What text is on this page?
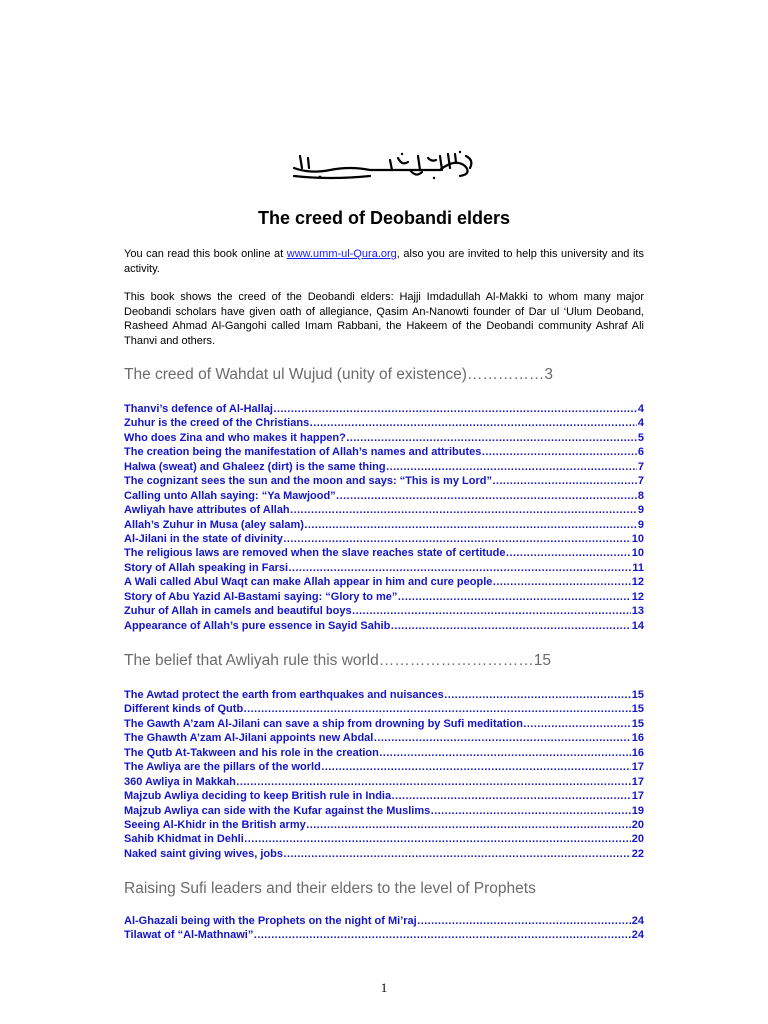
The creed of Deobandi elders
You can read this book online at www.umm-ul-Qura.org, also you are invited to help this university and its activity.
This book shows the creed of the Deobandi elders: Hajji Imdadullah Al-Makki to whom many major Deobandi scholars have given oath of allegiance, Qasim An-Nanowti founder of Dar ul ‘Ulum Deoband, Rasheed Ahmad Al-Gangohi called Imam Rabbani, the Hakeem of the Deobandi community Ashraf Ali Thanvi and others.
The creed of Wahdat ul Wujud (unity of existence)……………3
Thanvi’s defence of Al-Hallaj ………………………………………………………………………………………………………………………………………………………………………………	4
Zuhur is the creed of the Christians ………………………………………………………………………………………………………………………………………………………………………………	4
Who does Zina and who makes it happen? ………………………………………………………………………………………………………………………………………………………………………………	5
The creation being the manifestation of Allah’s names and attributes ………………………………………………………………………………………………………………………………………………………………………………	6
Halwa (sweat) and Ghaleez (dirt) is the same thing ………………………………………………………………………………………………………………………………………………………………………………	7
The cognizant sees the sun and the moon and says: “This is my Lord” ………………………………………………………………………………………………………………………………………………………………………………	7
Calling unto Allah saying: “Ya Mawjood” ………………………………………………………………………………………………………………………………………………………………………………	8
Awliyah have attributes of Allah ………………………………………………………………………………………………………………………………………………………………………………	9
Allah’s Zuhur in Musa (aley salam) ………………………………………………………………………………………………………………………………………………………………………………	9
Al-Jilani in the state of divinity ………………………………………………………………………………………………………………………………………………………………………………	10
The religious laws are removed when the slave reaches state of certitude ………………………………………………………………………………………………………………………………………………………………………………	10
Story of Allah speaking in Farsi ………………………………………………………………………………………………………………………………………………………………………………	11
A Wali called Abul Waqt can make Allah appear in him and cure people ………………………………………………………………………………………………………………………………………………………………………………	12
Story of Abu Yazid Al-Bastami saying: “Glory to me” ………………………………………………………………………………………………………………………………………………………………………………	12
Zuhur of Allah in camels and beautiful boys ………………………………………………………………………………………………………………………………………………………………………………	13
Appearance of Allah’s pure essence in Sayid Sahib ………………………………………………………………………………………………………………………………………………………………………………	14
The belief that Awliyah rule this world…………………………15
The Awtad protect the earth from earthquakes and nuisances ………………………………………………………………………………………………………………………………………………………………………………	15
Different kinds of Qutb ………………………………………………………………………………………………………………………………………………………………………………	15
The Gawth A’zam Al-Jilani can save a ship from drowning by Sufi meditation ………………………………………………………………………………………………………………………………………………………………………………	15
The Ghawth A’zam Al-Jilani appoints new Abdal ………………………………………………………………………………………………………………………………………………………………………………	16
The Qutb At-Takween and his role in the creation ………………………………………………………………………………………………………………………………………………………………………………	16
The Awliya are the pillars of the world ………………………………………………………………………………………………………………………………………………………………………………	17
360 Awliya in Makkah ………………………………………………………………………………………………………………………………………………………………………………	17
Majzub Awliya deciding to keep British rule in India ………………………………………………………………………………………………………………………………………………………………………………	17
Majzub Awliya can side with the Kufar against the Muslims ………………………………………………………………………………………………………………………………………………………………………………	19
Seeing Al-Khidr in the British army ………………………………………………………………………………………………………………………………………………………………………………	20
Sahib Khidmat in Dehli ………………………………………………………………………………………………………………………………………………………………………………	20
Naked saint giving wives, jobs ………………………………………………………………………………………………………………………………………………………………………………	22
Raising Sufi leaders and their elders to the level of Prophets
Al-Ghazali being with the Prophets on the night of Mi’raj ………………………………………………………………………………………………………………………………………………………………………………	24
Tilawat of “Al-Mathnawi” ………………………………………………………………………………………………………………………………………………………………………………	24
1
